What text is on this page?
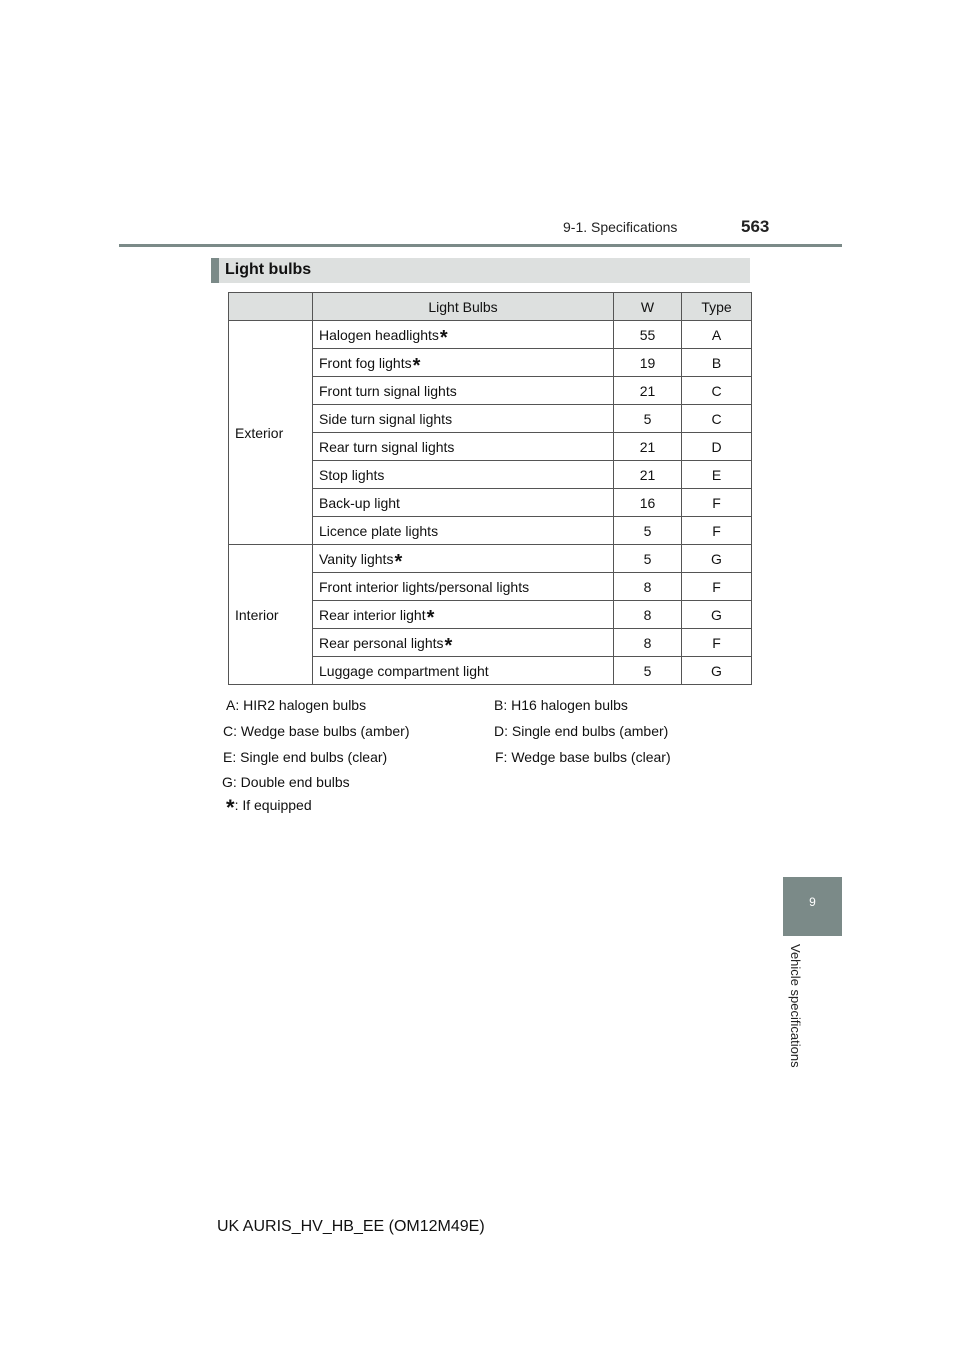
9-1. Specifications	563
Light bulbs
	Light Bulbs	W	Type
Exterior	Halogen headlights*	55	A
	Front fog lights*	19	B
	Front turn signal lights	21	C
	Side turn signal lights	5	C
	Rear turn signal lights	21	D
	Stop lights	21	E
	Back-up light	16	F
	Licence plate lights	5	F
Interior	Vanity lights*	5	G
	Front interior lights/personal lights	8	F
	Rear interior light*	8	G
	Rear personal lights*	8	F
	Luggage compartment light	5	G
A: HIR2 halogen bulbs	B: H16 halogen bulbs
C: Wedge base bulbs (amber)	D: Single end bulbs (amber)
E: Single end bulbs (clear)	F: Wedge base bulbs (clear)
G: Double end bulbs
*: If equipped
9
Vehicle specifications
UK AURIS_HV_HB_EE (OM12M49E)
